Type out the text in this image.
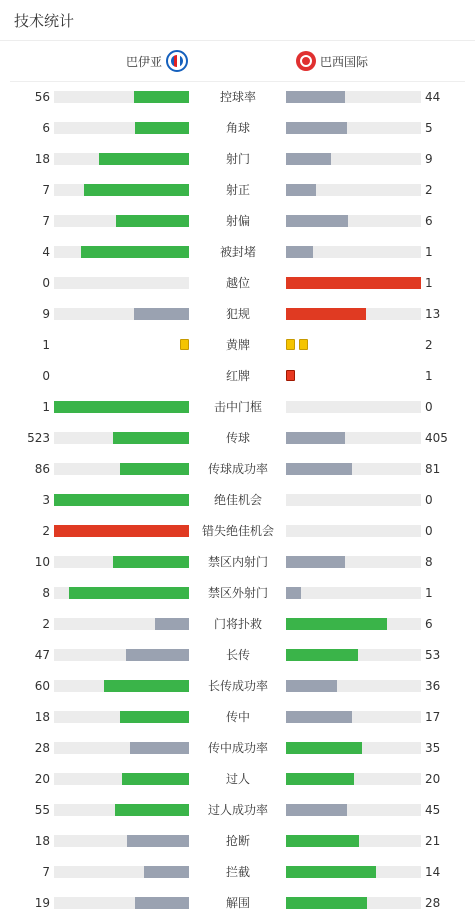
技术统计
巴伊亚	巴西国际
56	控球率	44
6	角球	5
18	射门	9
7	射正	2
7	射偏	6
4	被封堵	1
0	越位	1
9	犯规	13
1	黄牌	2
0	红牌	1
1	击中门框	0
523	传球	405
86	传球成功率	81
3	绝佳机会	0
2	错失绝佳机会	0
10	禁区内射门	8
8	禁区外射门	1
2	门将扑救	6
47	长传	53
60	长传成功率	36
18	传中	17
28	传中成功率	35
20	过人	20
55	过人成功率	45
18	抢断	21
7	拦截	14
19	解围	28
